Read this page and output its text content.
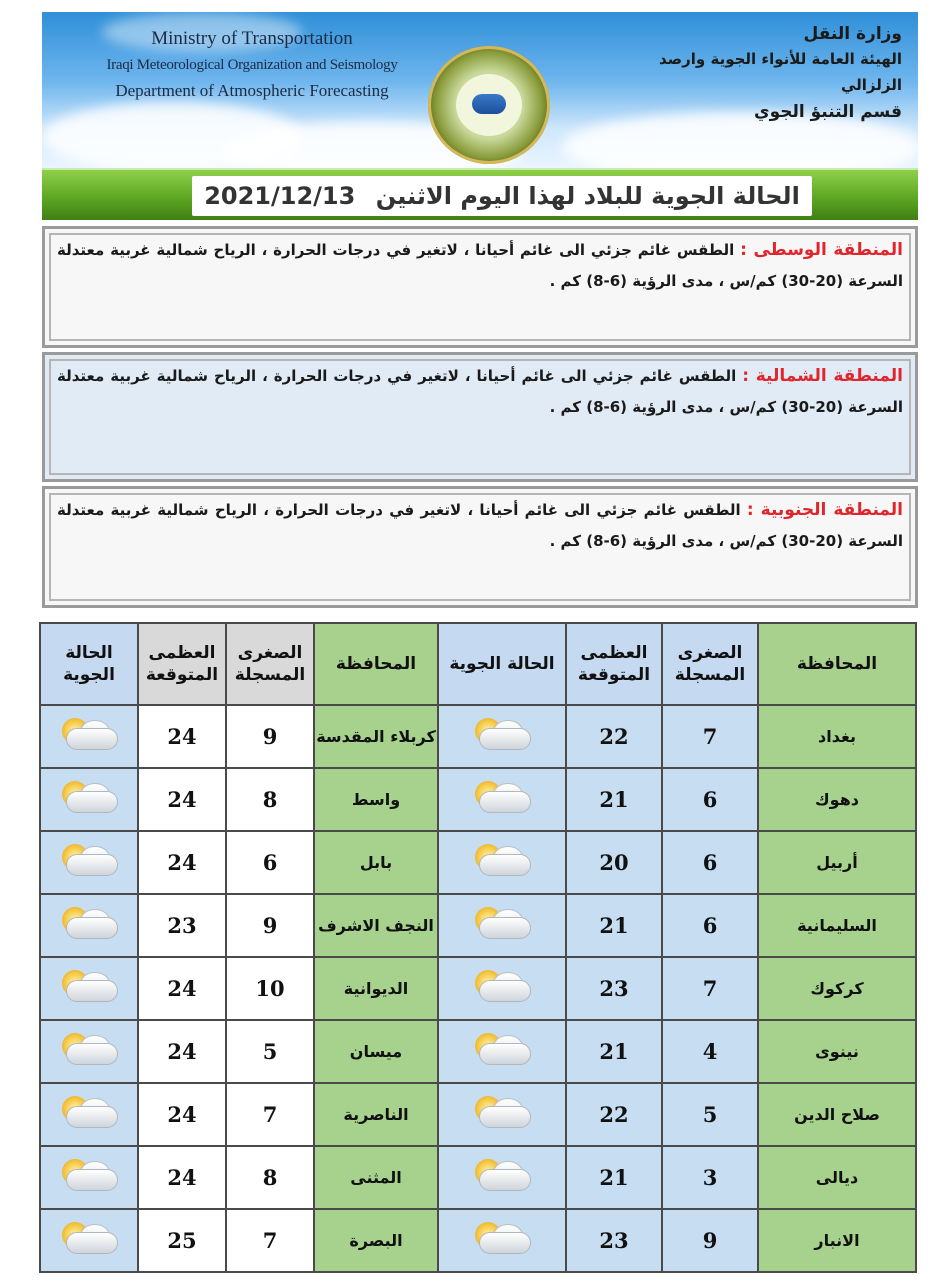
Ministry of Transportation
Iraqi Meteorological Organization and Seismology
Department of Atmospheric Forecasting
وزارة النقل
الهيئة العامة للأنواء الجوية وارصد الزلزالي
قسم التنبؤ الجوي
الحالة الجوية للبلاد لهذا اليوم الاثنين 2021/12/13
المنطقة الوسطى : الطقس غائم جزئي الى غائم أحيانا ، لاتغير في درجات الحرارة ، الرياح شمالية غربية معتدلة السرعة (20-30) كم/س ، مدى الرؤية (6-8) كم .
المنطقة الشمالية : الطقس غائم جزئي الى غائم أحيانا ، لاتغير في درجات الحرارة ، الرياح شمالية غربية معتدلة السرعة (20-30) كم/س ، مدى الرؤية (6-8) كم .
المنطقة الجنوبية : الطقس غائم جزئي الى غائم أحيانا ، لاتغير في درجات الحرارة ، الرياح شمالية غربية معتدلة السرعة (20-30) كم/س ، مدى الرؤية (6-8) كم .
المحافظة	الصغرى المسجلة	العظمى المتوقعة	الحالة الجوية	المحافظة	الصغرى المسجلة	العظمى المتوقعة	الحالة الجوية
بغداد	7	22		كربلاء المقدسة	9	24	

دهوك	6	21		واسط	8	24	

أربيل	6	20		بابل	6	24	

السليمانية	6	21		النجف الاشرف	9	23	

كركوك	7	23		الديوانية	10	24	

نينوى	4	21		ميسان	5	24	

صلاح الدين	5	22		الناصرية	7	24	

ديالى	3	21		المثنى	8	24	

الانبار	9	23		البصرة	7	25	
